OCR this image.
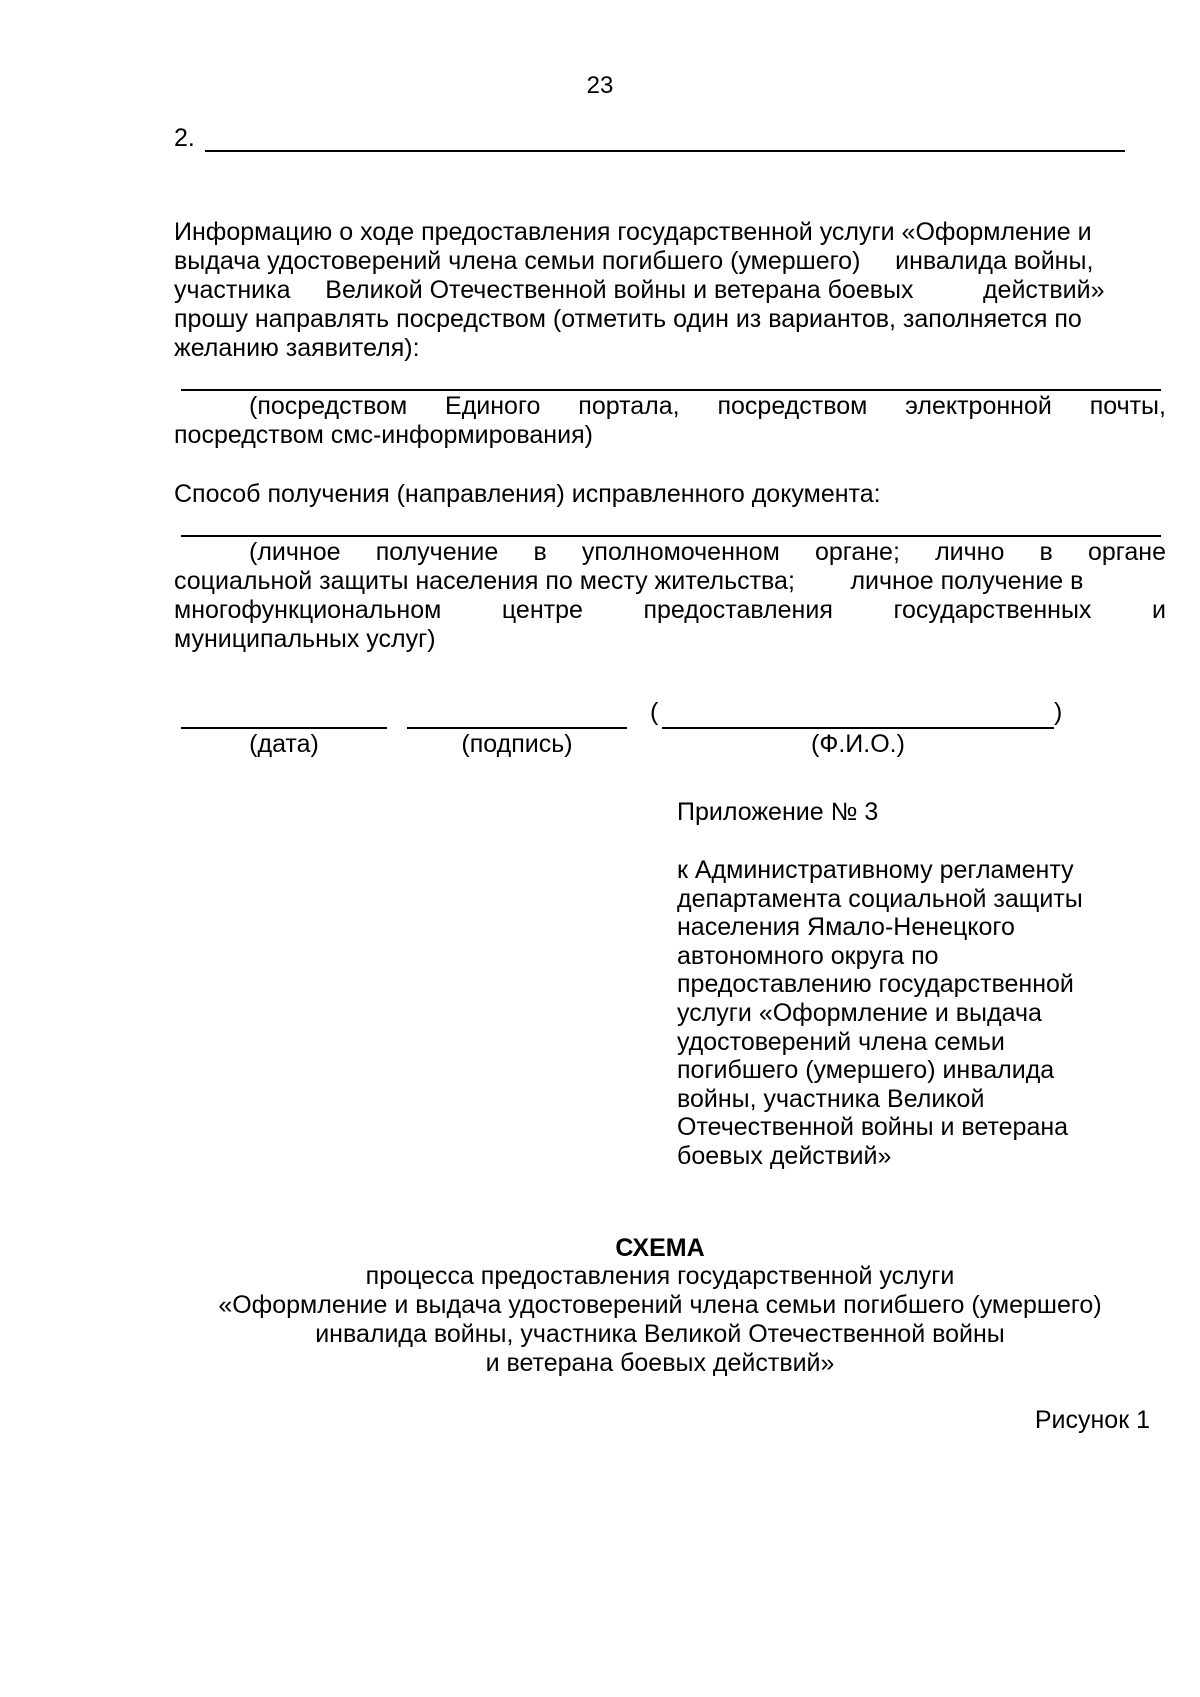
23
2.
Информацию о ходе предоставления государственной услуги «Оформление и
выдача удостоверений члена семьи погибшего (умершего)     инвалида войны,
участника     Великой Отечественной войны и ветерана боевых          действий»
прошу направлять посредством (отметить один из вариантов, заполняется по
желанию заявителя):
(посредством Единого портала, посредством электронной почты,
посредством смс-информирования)
Способ получения (направления) исправленного документа:
(личное получение в уполномоченном органе; лично в органе
социальной защиты населения по месту жительства;        личное получение в
многофункциональном центре предоставления государственных и
муниципальных услуг)
(	)
(дата)	(подпись)	(Ф.И.О.)
Приложение № 3
к Административному регламенту
департамента социальной защиты
населения Ямало-Ненецкого
автономного округа по
предоставлению государственной
услуги «Оформление и выдача
удостоверений члена семьи
погибшего (умершего) инвалида
войны, участника Великой
Отечественной войны и ветерана
боевых действий»
СХЕМА
процесса предоставления государственной услуги
«Оформление и выдача удостоверений члена семьи погибшего (умершего)
инвалида войны, участника Великой Отечественной войны
и ветерана боевых действий»
Рисунок 1
